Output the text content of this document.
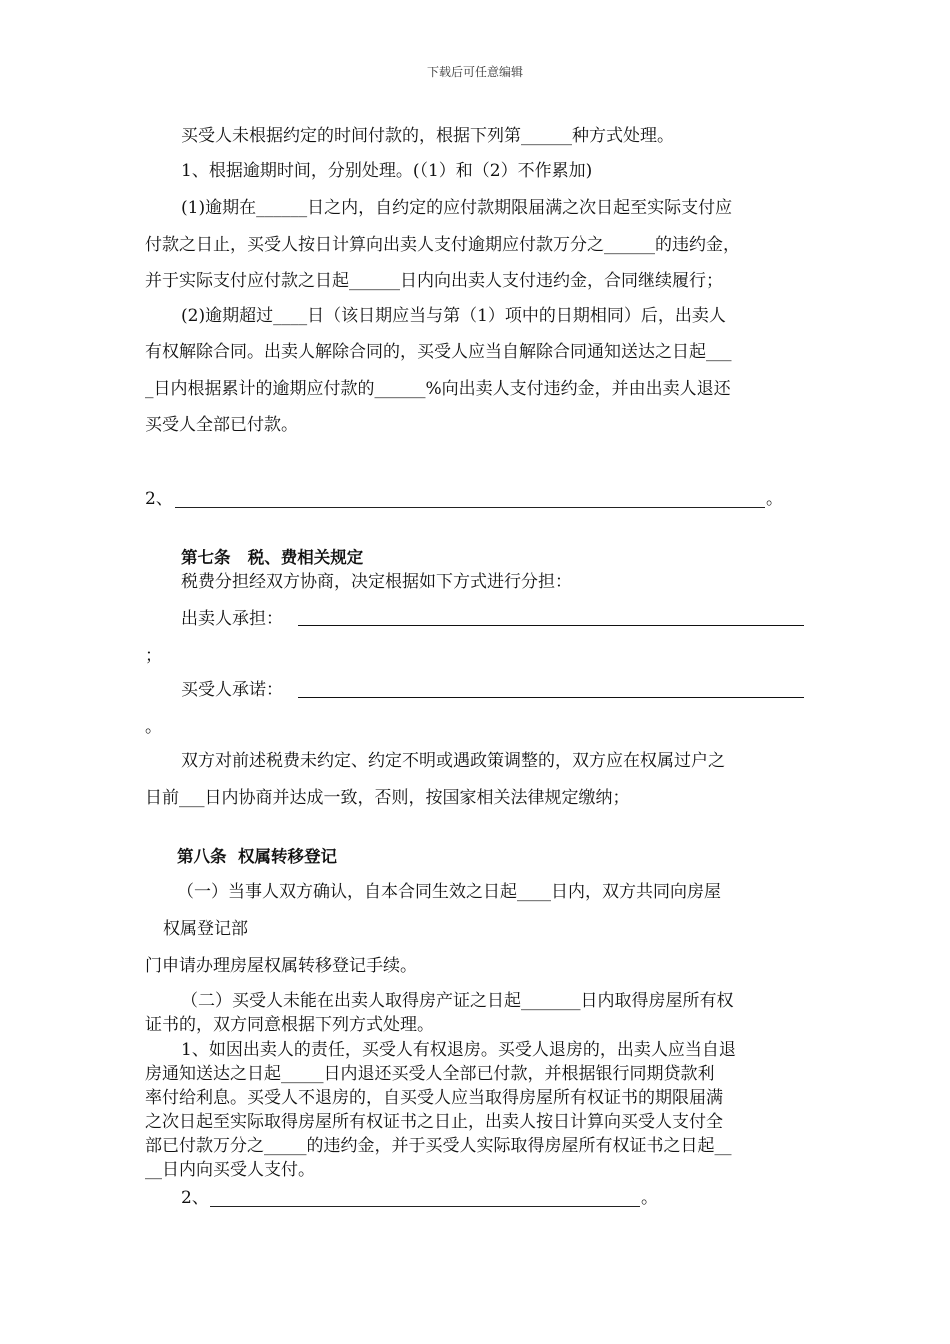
下载后可任意编辑
买受人未根据约定的时间付款的，根据下列第______种方式处理。
1、根据逾期时间，分别处理。(（1）和（2）不作累加)
(1)逾期在______日之内，自约定的应付款期限届满之次日起至实际支付应
付款之日止，买受人按日计算向出卖人支付逾期应付款万分之______的违约金，
并于实际支付应付款之日起______日内向出卖人支付违约金，合同继续履行；
(2)逾期超过____日（该日期应当与第（1）项中的日期相同）后，出卖人
有权解除合同。出卖人解除合同的，买受人应当自解除合同通知送达之日起___
_日内根据累计的逾期应付款的______%向出卖人支付违约金，并由出卖人退还
买受人全部已付款。
2、	。
第七条   税、费相关规定
税费分担经双方协商，决定根据如下方式进行分担：
出卖人承担：
；
买受人承诺：
。
双方对前述税费未约定、约定不明或遇政策调整的，双方应在权属过户之
日前___日内协商并达成一致，否则，按国家相关法律规定缴纳；
第八条  权属转移登记
（一）当事人双方确认，自本合同生效之日起____日内，双方共同向房屋
权属登记部
门申请办理房屋权属转移登记手续。
（二）买受人未能在出卖人取得房产证之日起_______日内取得房屋所有权
证书的，双方同意根据下列方式处理。
1、如因出卖人的责任，买受人有权退房。买受人退房的，出卖人应当自退
房通知送达之日起_____日内退还买受人全部已付款，并根据银行同期贷款利
率付给利息。买受人不退房的，自买受人应当取得房屋所有权证书的期限届满
之次日起至实际取得房屋所有权证书之日止，出卖人按日计算向买受人支付全
部已付款万分之_____的违约金，并于买受人实际取得房屋所有权证书之日起__
__日内向买受人支付。
2、	。
